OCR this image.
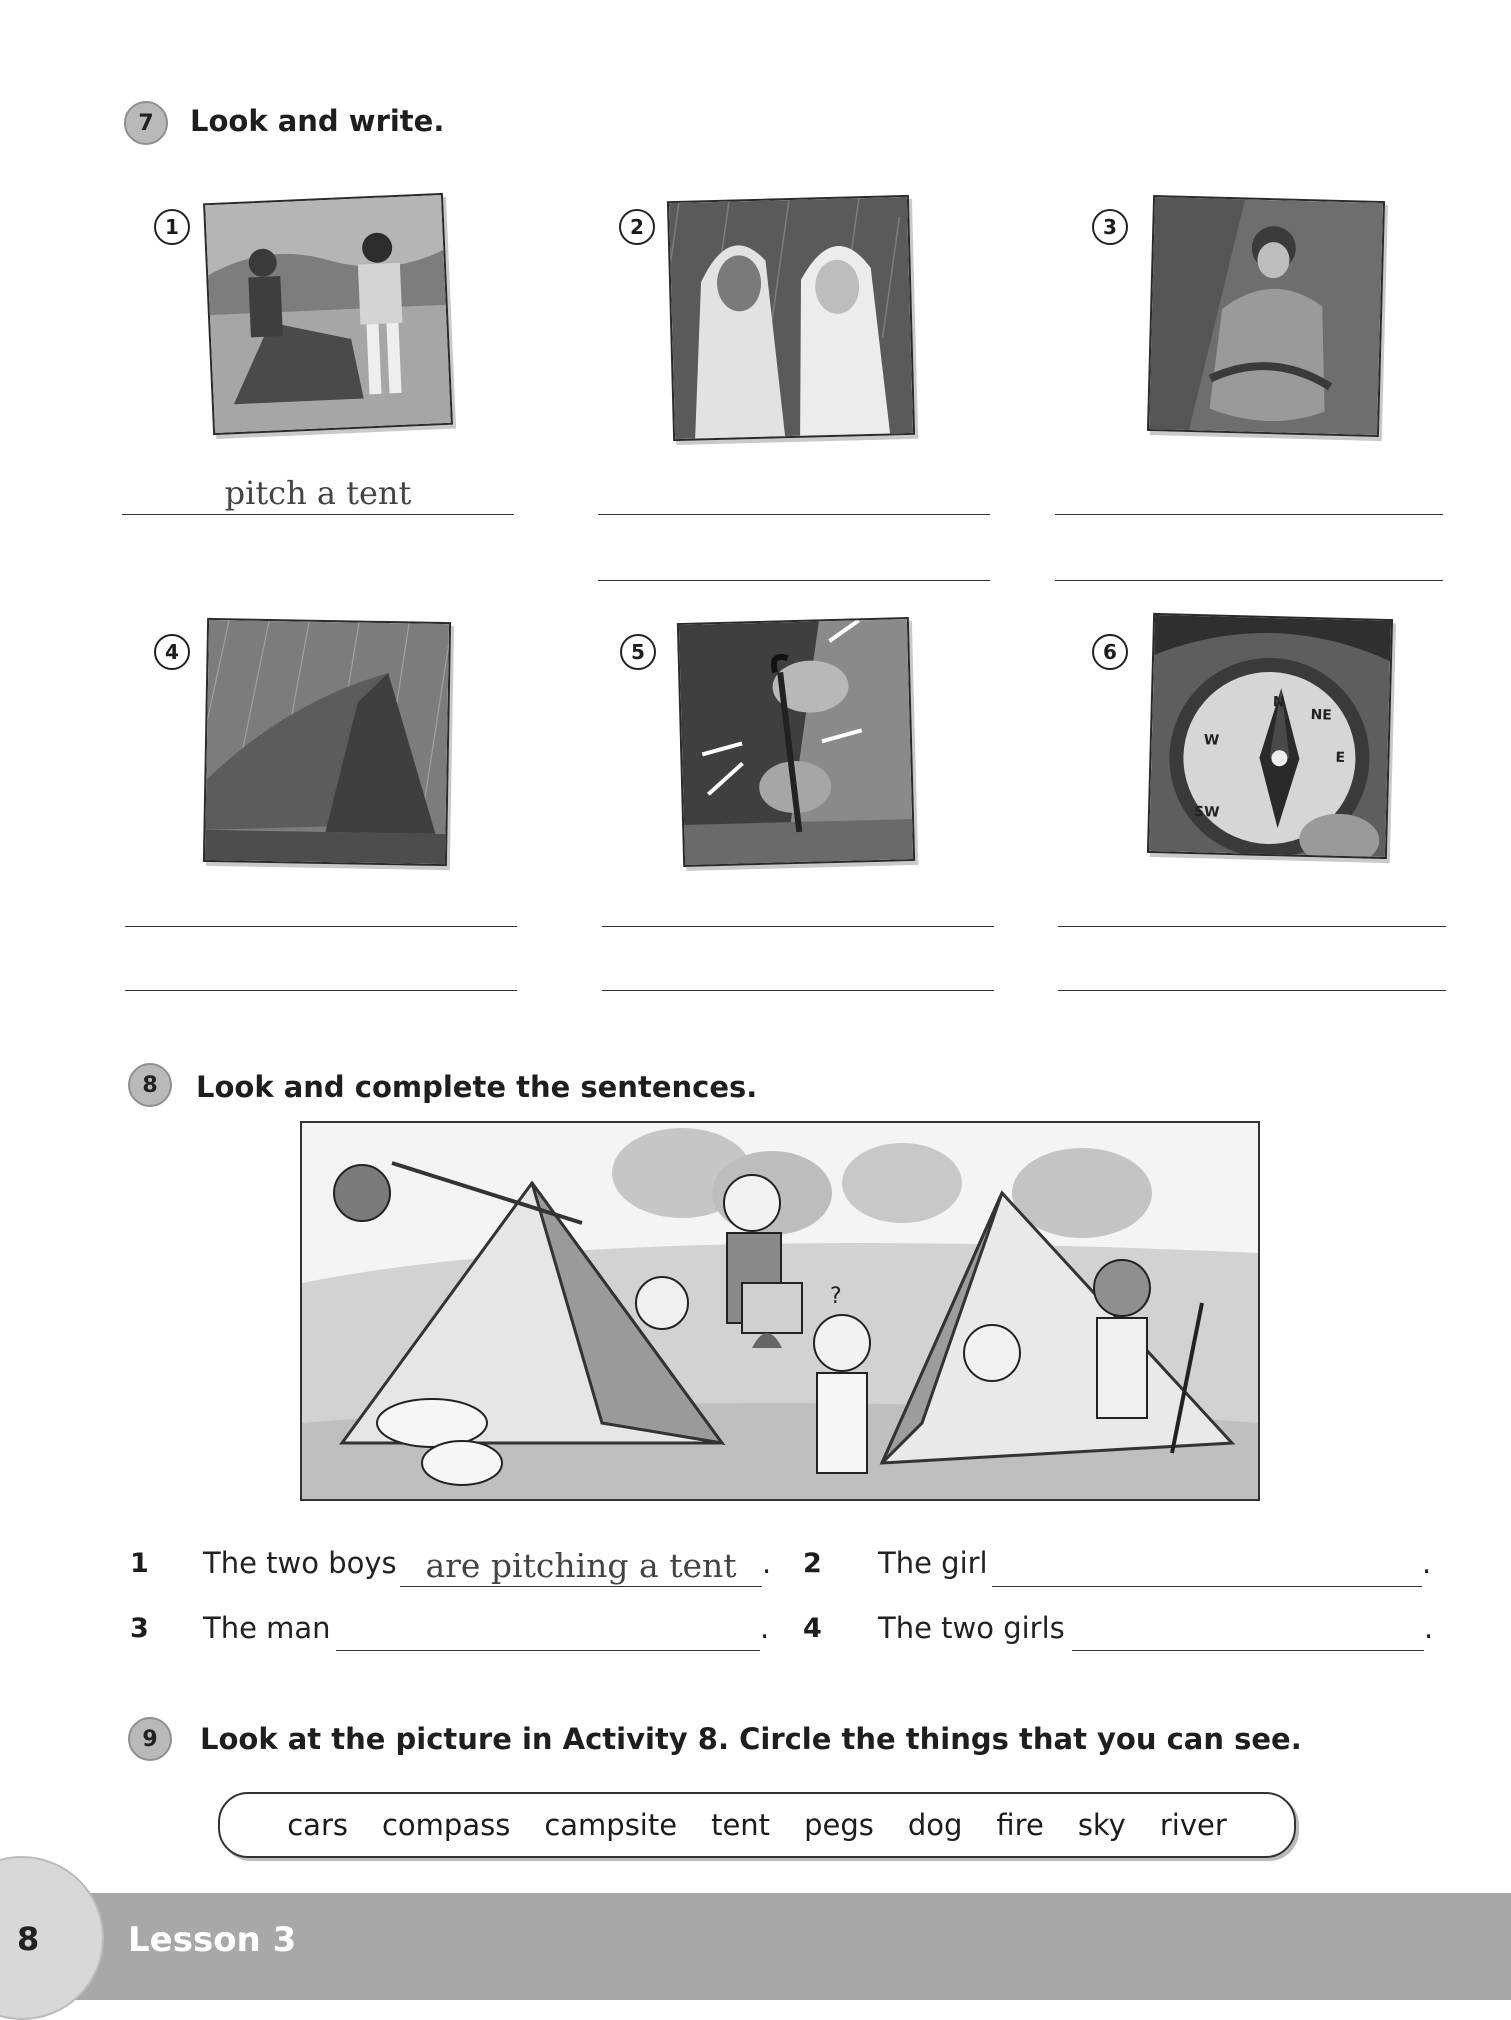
7	Look and write.
1
pitch a tent
2	3
4	5	6
W
N
NE
E
SW
8	Look and complete the sentences.
?
1 The two boys are pitching a tent . 2 The girl	.
3 The man	. 4 The two girls	.
9	Look at the picture in Activity 8. Circle the things that you can see.
cars compass campsite tent pegs dog fire sky river
8	Lesson 3
